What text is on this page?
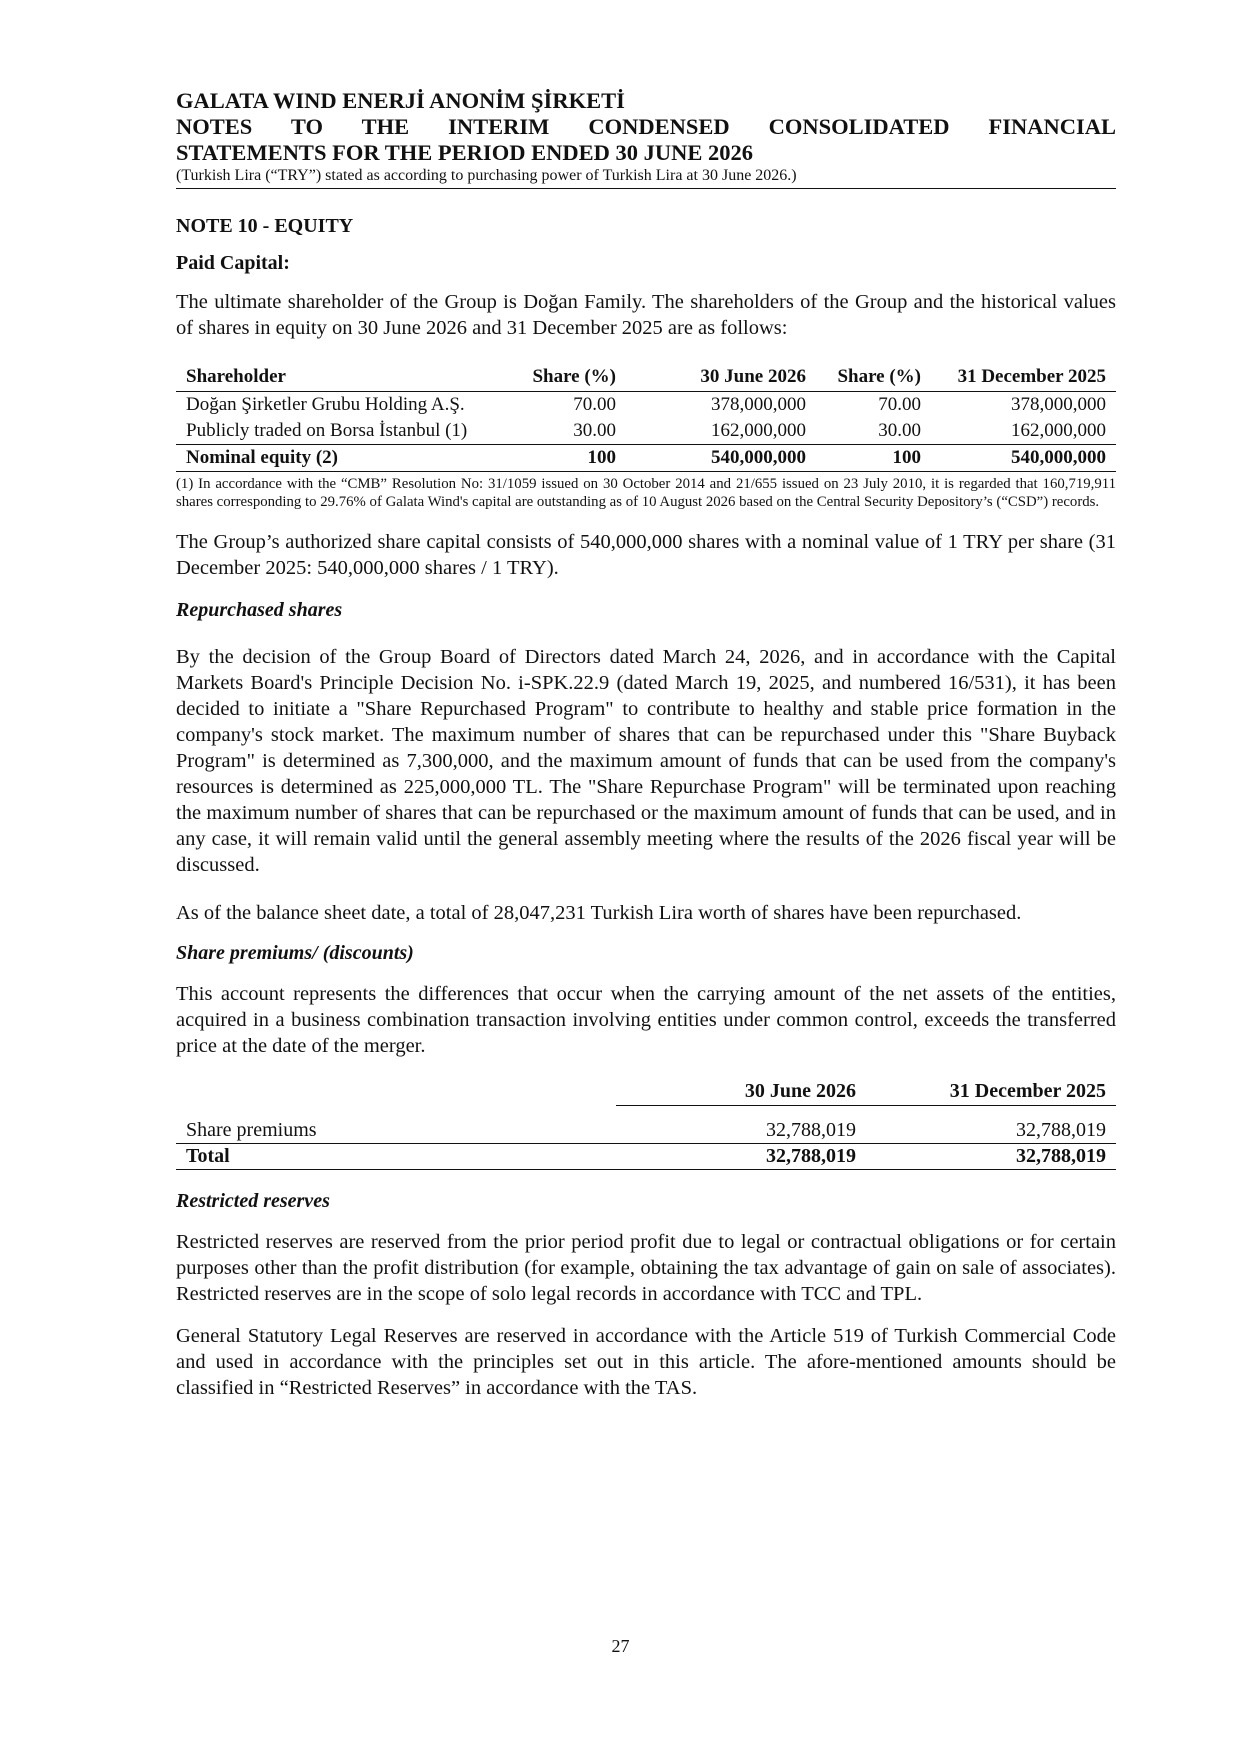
GALATA WIND ENERJİ ANONİM ŞİRKETİ
NOTES TO THE INTERIM CONDENSED CONSOLIDATED FINANCIAL
STATEMENTS FOR THE PERIOD ENDED 30 JUNE 2026
(Turkish Lira (“TRY”) stated as according to purchasing power of Turkish Lira at 30 June 2026.)
NOTE 10 - EQUITY
Paid Capital:

The ultimate shareholder of the Group is Doğan Family. The shareholders of the Group and the historical values of shares in equity on 30 June 2026 and 31 December 2025 are as follows:

Shareholder	Share (%)	30 June 2026	Share (%)	31 December 2025
Doğan Şirketler Grubu Holding A.Ş.	70.00	378,000,000	70.00	378,000,000
Publicly traded on Borsa İstanbul (1)	30.00	162,000,000	30.00	162,000,000
Nominal equity (2)	100	540,000,000	100	540,000,000
(1) In accordance with the “CMB” Resolution No: 31/1059 issued on 30 October 2014 and 21/655 issued on 23 July 2010, it is regarded that 160,719,911 shares corresponding to 29.76% of Galata Wind's capital are outstanding as of 10 August 2026 based on the Central Security Depository’s (“CSD”) records.

The Group’s authorized share capital consists of 540,000,000 shares with a nominal value of 1 TRY per share (31 December 2025: 540,000,000 shares / 1 TRY).

Repurchased shares

By the decision of the Group Board of Directors dated March 24, 2026, and in accordance with the Capital Markets Board's Principle Decision No. i-SPK.22.9 (dated March 19, 2025, and numbered 16/531), it has been decided to initiate a "Share Repurchased Program" to contribute to healthy and stable price formation in the company's stock market. The maximum number of shares that can be repurchased under this "Share Buyback Program" is determined as 7,300,000, and the maximum amount of funds that can be used from the company's resources is determined as 225,000,000 TL. The "Share Repurchase Program" will be terminated upon reaching the maximum number of shares that can be repurchased or the maximum amount of funds that can be used, and in any case, it will remain valid until the general assembly meeting where the results of the 2026 fiscal year will be discussed.

As of the balance sheet date, a total of 28,047,231 Turkish Lira worth of shares have been repurchased.

Share premiums/ (discounts)

This account represents the differences that occur when the carrying amount of the net assets of the entities, acquired in a business combination transaction involving entities under common control, exceeds the transferred price at the date of the merger.

	30 June 2026	31 December 2025

Share premiums	32,788,019	32,788,019
Total	32,788,019	32,788,019
Restricted reserves

Restricted reserves are reserved from the prior period profit due to legal or contractual obligations or for certain purposes other than the profit distribution (for example, obtaining the tax advantage of gain on sale of associates). Restricted reserves are in the scope of solo legal records in accordance with TCC and TPL.

General Statutory Legal Reserves are reserved in accordance with the Article 519 of Turkish Commercial Code and used in accordance with the principles set out in this article. The afore-mentioned amounts should be classified in “Restricted Reserves” in accordance with the TAS.

27
